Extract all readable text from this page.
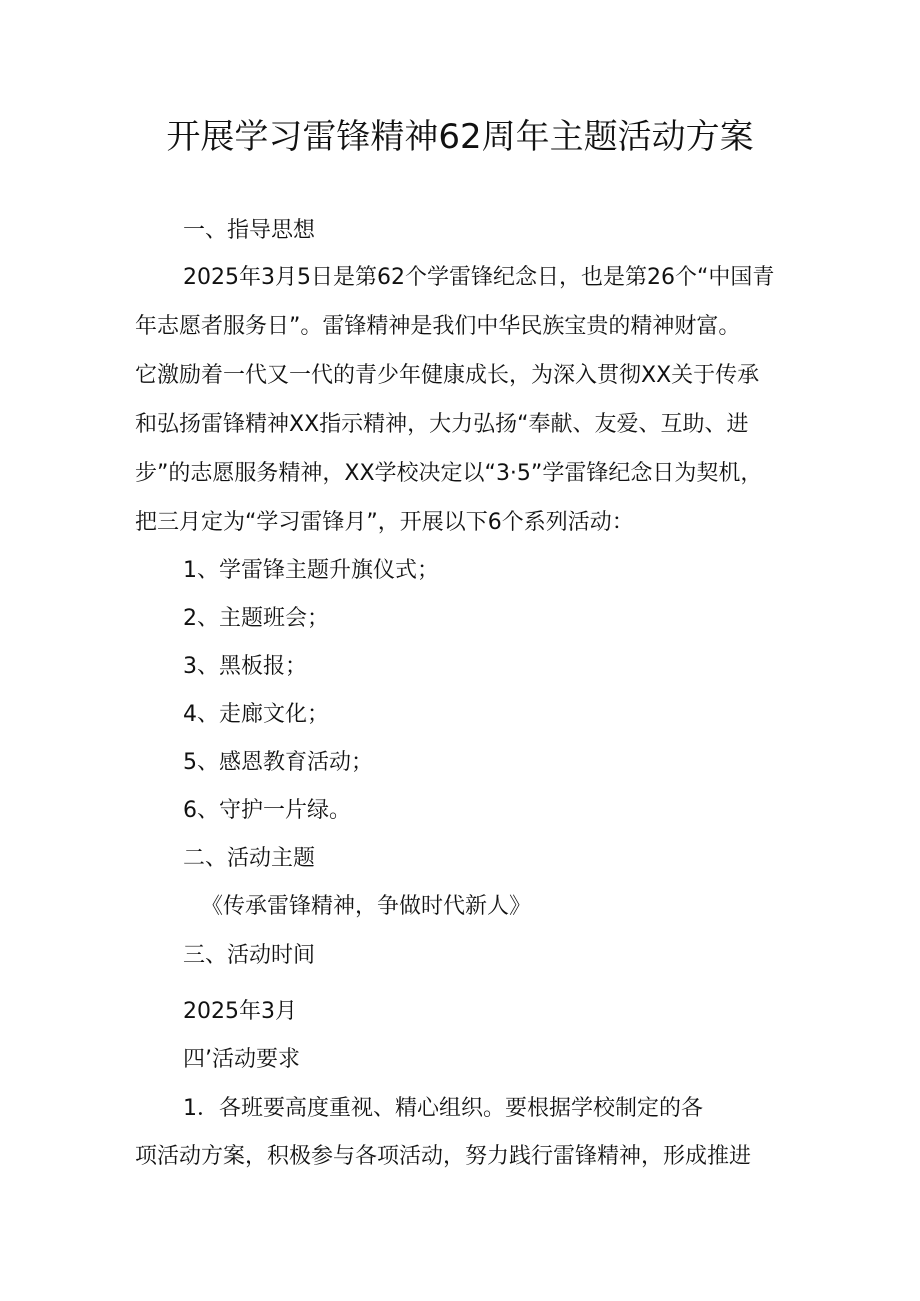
开展学习雷锋精神62周年主题活动方案
一、指导思想
2025年3月5日是第62个学雷锋纪念日，也是第26个“中国青
年志愿者服务日”。雷锋精神是我们中华民族宝贵的精神财富。
它激励着一代又一代的青少年健康成长，为深入贯彻XX关于传承
和弘扬雷锋精神XX指示精神，大力弘扬“奉献、友爱、互助、进
步”的志愿服务精神，XX学校决定以“3·5”学雷锋纪念日为契机，
把三月定为“学习雷锋月”，开展以下6个系列活动：
1、学雷锋主题升旗仪式；
2、主题班会；
3、黑板报；
4、走廊文化；
5、感恩教育活动；
6、守护一片绿。
二、活动主题
《传承雷锋精神，争做时代新人》
三、活动时间
2025年3月
四’活动要求
1．各班要高度重视、精心组织。要根据学校制定的各
项活动方案，积极参与各项活动，努力践行雷锋精神，形成推进
